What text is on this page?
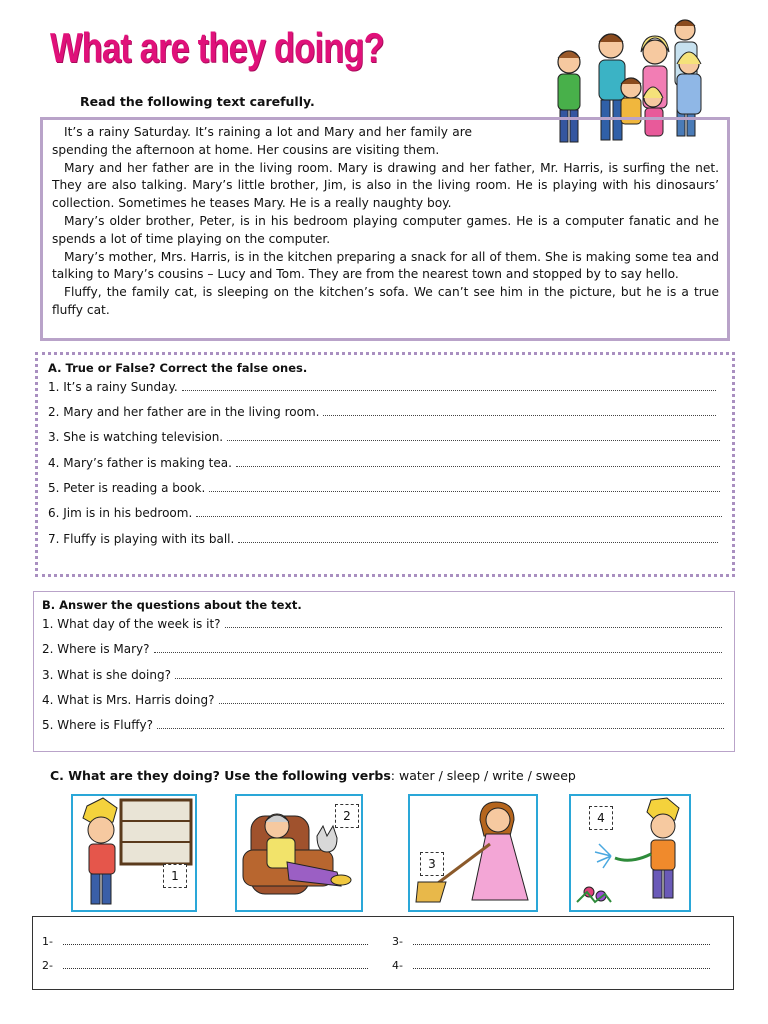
What are they doing?
Read the following text carefully.

It’s a rainy Saturday. It’s raining a lot and Mary and her family are spending the afternoon at home. Her cousins are visiting them.

Mary and her father are in the living room. Mary is drawing and her father, Mr. Harris, is surfing the net. They are also talking. Mary’s little brother, Jim, is also in the living room. He is playing with his dinosaurs’ collection. Sometimes he teases Mary. He is a really naughty boy.

Mary’s older brother, Peter, is in his bedroom playing computer games. He is a computer fanatic and he spends a lot of time playing on the computer.

Mary’s mother, Mrs. Harris, is in the kitchen preparing a snack for all of them. She is making some tea and talking to Mary’s cousins – Lucy and Tom. They are from the nearest town and stopped by to say hello.

Fluffy, the family cat, is sleeping on the kitchen’s sofa. We can’t see him in the picture, but he is a true fluffy cat.

A. True or False? Correct the false ones.
1. It’s a rainy Sunday.
2. Mary and her father are in the living room.
3. She is watching television.
4. Mary’s father is making tea.
5. Peter is reading a book.
6. Jim is in his bedroom.
7. Fluffy is playing with its ball.
B. Answer the questions about the text.
1. What day of the week is it?
2. Where is Mary?
3. What is she doing?
4. What is Mrs. Harris doing?
5. Where is Fluffy?
C. What are they doing? Use the following verbs: water / sleep / write / sweep
1
2
3
4
1-
2-
3-
4-
